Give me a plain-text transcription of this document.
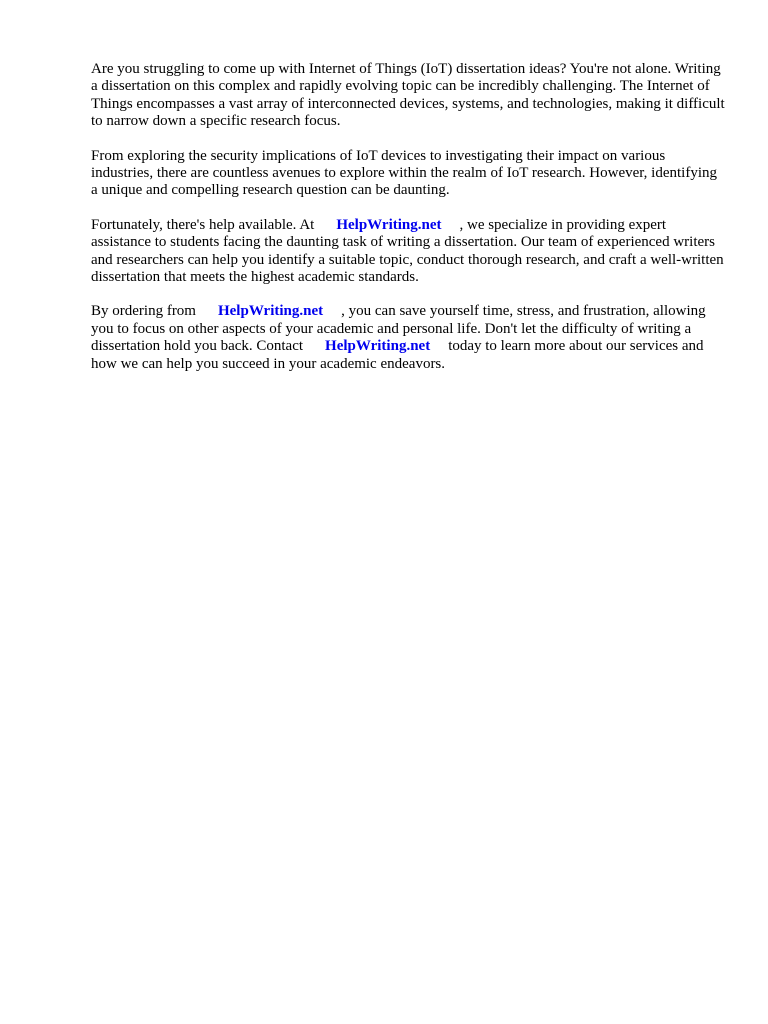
Are you struggling to come up with Internet of Things (IoT) dissertation ideas? You're not alone. Writing a dissertation on this complex and rapidly evolving topic can be incredibly challenging. The Internet of Things encompasses a vast array of interconnected devices, systems, and technologies, making it difficult to narrow down a specific research focus.

From exploring the security implications of IoT devices to investigating their impact on various industries, there are countless avenues to explore within the realm of IoT research. However, identifying a unique and compelling research question can be daunting.

Fortunately, there's help available. At HelpWriting.net , we specialize in providing expert assistance to students facing the daunting task of writing a dissertation. Our team of experienced writers and researchers can help you identify a suitable topic, conduct thorough research, and craft a well-written dissertation that meets the highest academic standards.

By ordering from HelpWriting.net , you can save yourself time, stress, and frustration, allowing you to focus on other aspects of your academic and personal life. Don't let the difficulty of writing a dissertation hold you back. Contact HelpWriting.net today to learn more about our services and how we can help you succeed in your academic endeavors.
